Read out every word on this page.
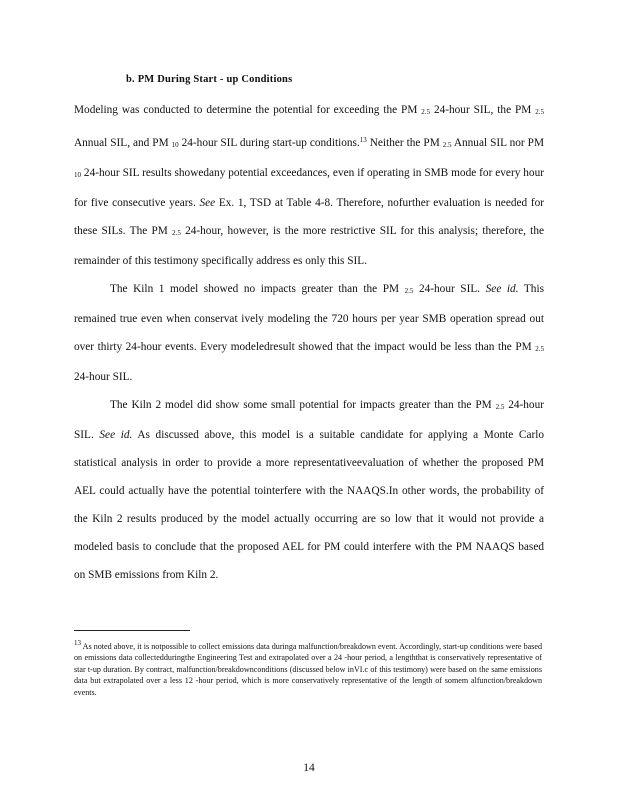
b. PM During Start - up Conditions

Modeling was conducted to determine the potential for exceeding the PM 2.5 24-hour SIL, the PM 2.5 Annual SIL, and PM 10 24-hour SIL during start-up conditions.$^{13}$ Neither the PM 2.5 Annual SIL nor PM 10 24-hour SIL results showedany potential exceedances, even if operating in SMB mode for every hour for five consecutive years. See Ex. 1, TSD at Table 4-8. Therefore, nofurther evaluation is needed for these SILs. The PM 2.5 24-hour, however, is the more restrictive SIL for this analysis; therefore, the remainder of this testimony specifically address es only this SIL.

The Kiln 1 model showed no impacts greater than the PM 2.5 24-hour SIL. See id. This remained true even when conservat ively modeling the 720 hours per year SMB operation spread out over thirty 24-hour events. Every modeledresult showed that the impact would be less than the PM 2.5 24-hour SIL.

The Kiln 2 model did show some small potential for impacts greater than the PM 2.5 24-hour SIL. See id. As discussed above, this model is a suitable candidate for applying a Monte Carlo statistical analysis in order to provide a more representativeevaluation of whether the proposed PM AEL could actually have the potential tointerfere with the NAAQS.In other words, the probability of the Kiln 2 results produced by the model actually occurring are so low that it would not provide a modeled basis to conclude that the proposed AEL for PM could interfere with the PM NAAQS based on SMB emissions from Kiln 2.

13 As noted above, it is notpossible to collect emissions data duringa malfunction/breakdown event. Accordingly, start-up conditions were based on emissions data collectedduringthe Engineering Test and extrapolated over a 24 -hour period, a lengththat is conservatively representative of star t-up duration. By contract, malfunction/breakdownconditions (discussed below inVI.c of this testimony) were based on the same emissions data but extrapolated over a less 12 -hour period, which is more conservatively representative of the length of somem alfunction/breakdown events.
14
